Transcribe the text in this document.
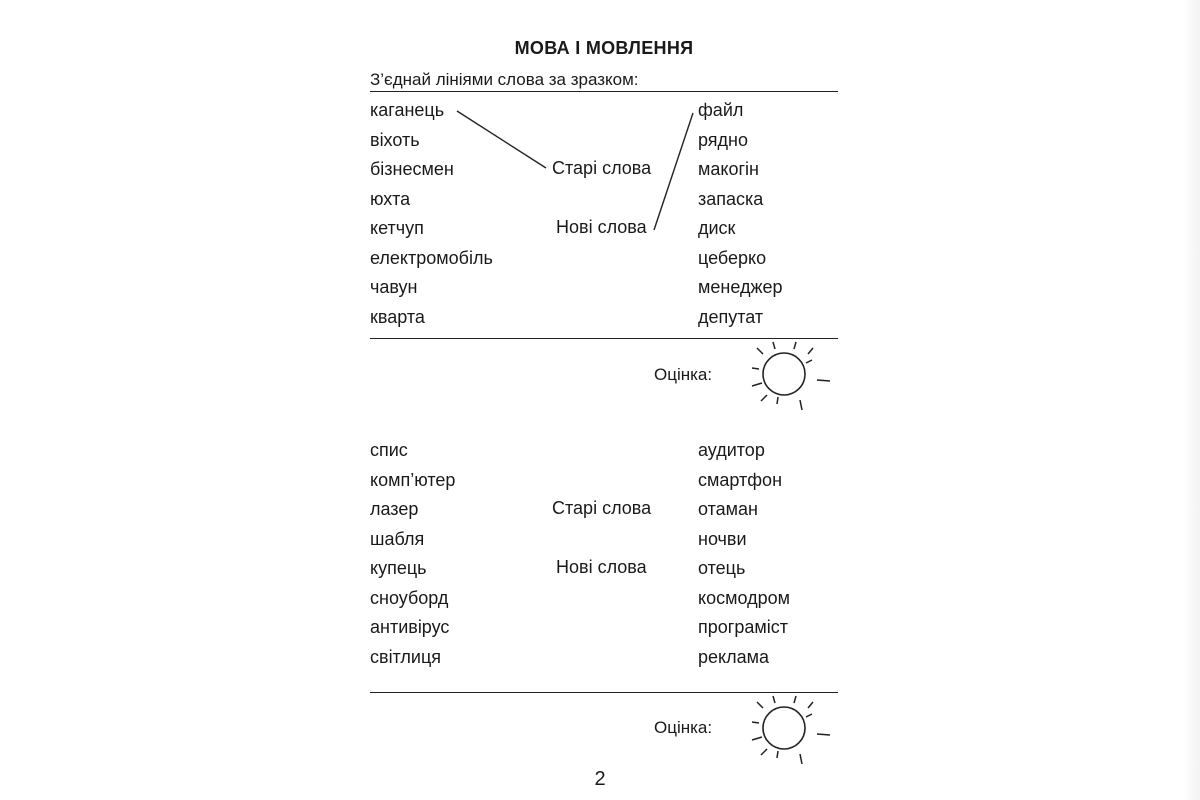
МОВА І МОВЛЕННЯ
З’єднай лініями слова за зразком:
каганець
віхоть
бізнесмен
юхта
кетчуп
електромобіль
чавун
кварта
Старі слова
Нові слова
файл
рядно
макогін
запаска
диск
цеберко
менеджер
депутат
Оцінка:
спис
комп’ютер
лазер
шабля
купець
сноуборд
антивірус
світлиця
Старі слова
Нові слова
аудитор
смартфон
отаман
ночви
отець
космодром
програміст
реклама
Оцінка:
2
